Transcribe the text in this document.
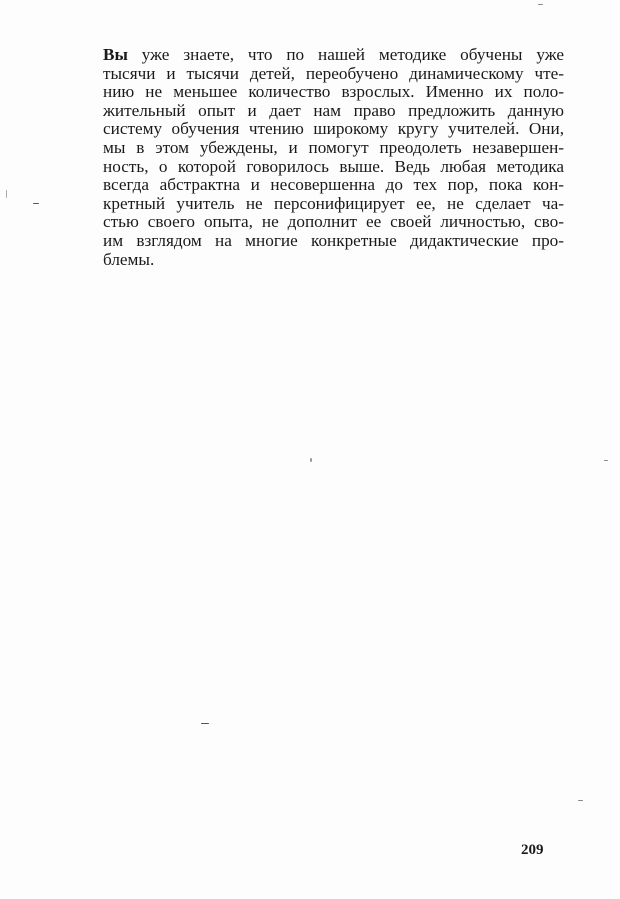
Вы уже знаете, что по нашей методике обучены уже
тысячи и тысячи детей, переобучено динамическому чте-
нию не меньшее количество взрослых. Именно их поло-
жительный опыт и дает нам право предложить данную
систему обучения чтению широкому кругу учителей. Они,
мы в этом убеждены, и помогут преодолеть незавершен-
ность, о которой говорилось выше. Ведь любая методика
всегда абстрактна и несовершенна до тех пор, пока кон-
кретный учитель не персонифицирует ее, не сделает ча-
стью своего опыта, не дополнит ее своей личностью, сво-
им взглядом на многие конкретные дидактические про-
блемы.
209
